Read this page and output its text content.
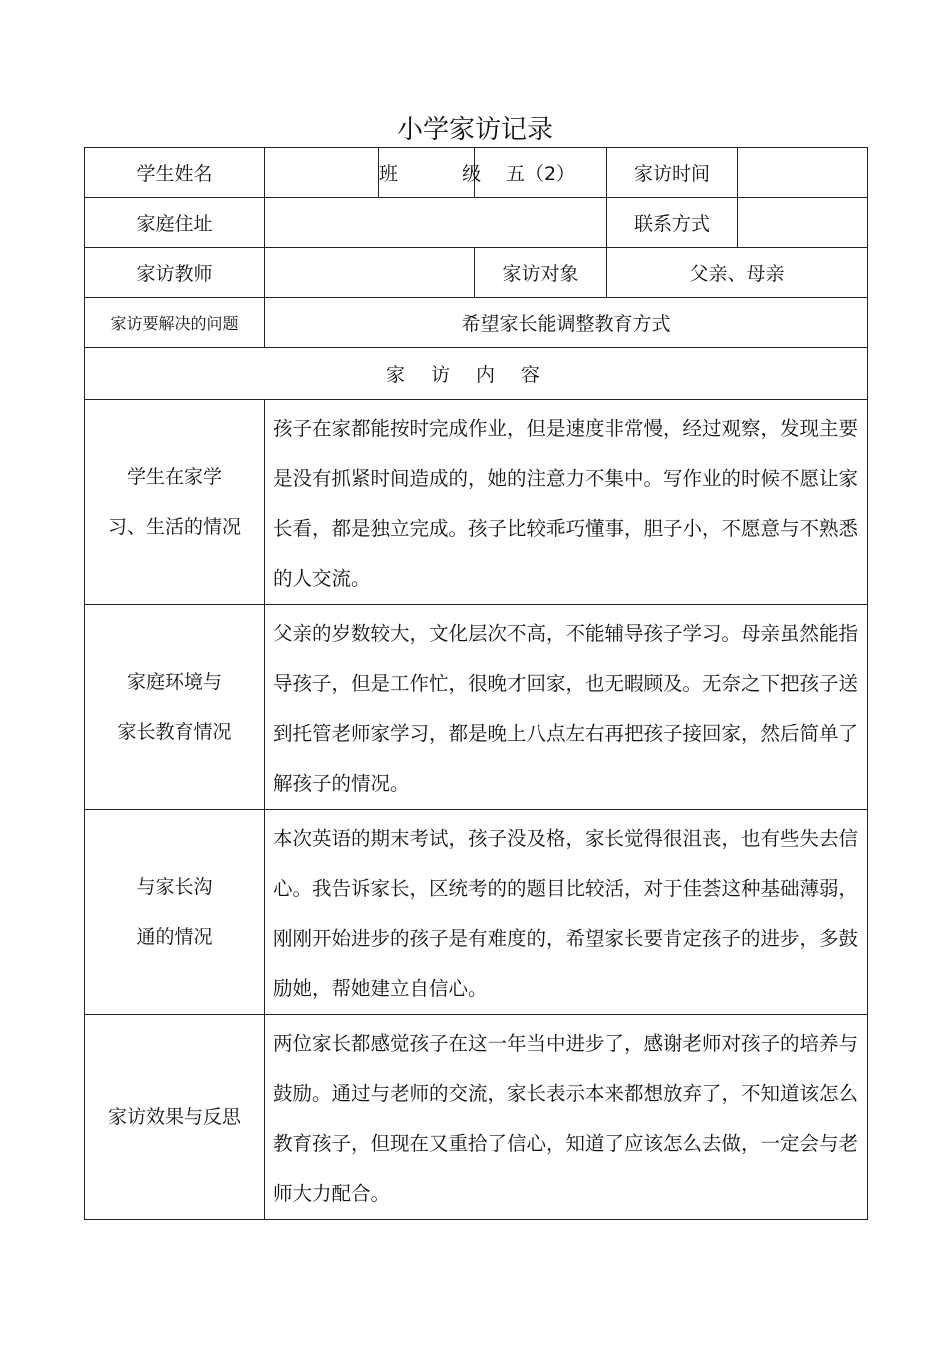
小学家访记录
学生姓名		班    级	五（2）	家访时间	
家庭住址				联系方式	
家访教师			家访对象	父亲、母亲	
家访要解决的问题	希望家长能调整教育方式				
家访内容					

学生在家学
习、生活的情况	孩子在家都能按时完成作业，但是速度非常慢，经过观察，发现主要是没有抓紧时间造成的，她的注意力不集中。写作业的时候不愿让家长看，都是独立完成。孩子比较乖巧懂事，胆子小，不愿意与不熟悉的人交流。				

家庭环境与
家长教育情况	父亲的岁数较大，文化层次不高，不能辅导孩子学习。母亲虽然能指导孩子，但是工作忙，很晚才回家，也无暇顾及。无奈之下把孩子送到托管老师家学习，都是晚上八点左右再把孩子接回家，然后简单了解孩子的情况。				

与家长沟
通的情况	本次英语的期末考试，孩子没及格，家长觉得很沮丧，也有些失去信心。我告诉家长，区统考的的题目比较活，对于佳荟这种基础薄弱，刚刚开始进步的孩子是有难度的，希望家长要肯定孩子的进步，多鼓励她，帮她建立自信心。				

家访效果与反思	两位家长都感觉孩子在这一年当中进步了，感谢老师对孩子的培养与鼓励。通过与老师的交流，家长表示本来都想放弃了，不知道该怎么教育孩子，但现在又重拾了信心，知道了应该怎么去做，一定会与老师大力配合。				
